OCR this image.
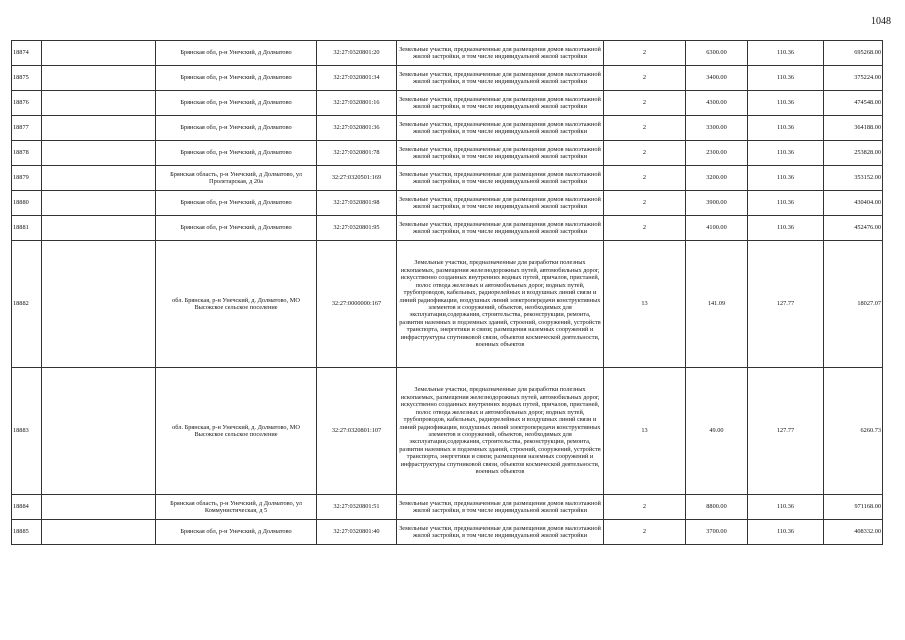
1048
18874		Брянская обл, р-н Унечский, д Долматово	32:27:0320801:20	Земельные участки, предназначенные для размещения домов малоэтажной жилой застройки, в том числе индивидуальной жилой застройки	2	6300.00	110.36	695268.00
18875		Брянская обл, р-н Унечский, д Долматово	32:27:0320801:34	Земельные участки, предназначенные для размещения домов малоэтажной жилой застройки, в том числе индивидуальной жилой застройки	2	3400.00	110.36	375224.00
18876		Брянская обл, р-н Унечский, д Долматово	32:27:0320801:16	Земельные участки, предназначенные для размещения домов малоэтажной жилой застройки, в том числе индивидуальной жилой застройки	2	4300.00	110.36	474548.00
18877		Брянская обл, р-н Унечский, д Долматово	32:27:0320801:36	Земельные участки, предназначенные для размещения домов малоэтажной жилой застройки, в том числе индивидуальной жилой застройки	2	3300.00	110.36	364188.00
18878		Брянская обл, р-н Унечский, д Долматово	32:27:0320801:78	Земельные участки, предназначенные для размещения домов малоэтажной жилой застройки, в том числе индивидуальной жилой застройки	2	2300.00	110.36	253828.00
18879		Брянская область, р-н Унечский, д Долматово, ул Пролетарская, д 20а	32:27:0320501:169	Земельные участки, предназначенные для размещения домов малоэтажной жилой застройки, в том числе индивидуальной жилой застройки	2	3200.00	110.36	353152.00
18880		Брянская обл, р-н Унечский, д Долматово	32:27:0320801:98	Земельные участки, предназначенные для размещения домов малоэтажной жилой застройки, в том числе индивидуальной жилой застройки	2	3900.00	110.36	430404.00
18881		Брянская обл, р-н Унечский, д Долматово	32:27:0320801:95	Земельные участки, предназначенные для размещения домов малоэтажной жилой застройки, в том числе индивидуальной жилой застройки	2	4100.00	110.36	452476.00
18882		обл. Брянская, р-н Унечский, д. Долматово, МО Высокское сельское поселение	32:27:0000000:167	Земельные участки, предназначенные для разработки полезных ископаемых, размещения железнодорожных путей, автомобильных дорог, искусственно созданных внутренних водных путей, причалов, пристаней, полос отвода железных и автомобильных дорог, водных путей, трубопроводов, кабельных, радиорелейных и воздушных линий связи и линий радиофикации, воздушных линий электропередачи конструктивных элементов и сооружений, объектов, необходимых для эксплуатации,содержания, строительства, реконструкции, ремонта, развития наземных и подземных зданий, строений, сооружений, устройств транспорта, энергетики и связи; размещения наземных сооружений и инфраструктуры спутниковой связи, объектов космической деятельности, военных объектов	13	141.09	127.77	18027.07
18883		обл. Брянская, р-н Унечский, д. Долматово, МО Высокское сельское поселение	32:27:0320801:107	Земельные участки, предназначенные для разработки полезных ископаемых, размещения железнодорожных путей, автомобильных дорог, искусственно созданных внутренних водных путей, причалов, пристаней, полос отвода железных и автомобильных дорог, водных путей, трубопроводов, кабельных, радиорелейных и воздушных линий связи и линий радиофикации, воздушных линий электропередачи конструктивных элементов и сооружений, объектов, необходимых для эксплуатации,содержания, строительства, реконструкции, ремонта, развития наземных и подземных зданий, строений, сооружений, устройств транспорта, энергетики и связи; размещения наземных сооружений и инфраструктуры спутниковой связи, объектов космической деятельности, военных объектов	13	49.00	127.77	6260.73
18884		Брянская область, р-н Унечский, д Долматово, ул Коммунистическая, д 5	32:27:0320801:51	Земельные участки, предназначенные для размещения домов малоэтажной жилой застройки, в том числе индивидуальной жилой застройки	2	8800.00	110.36	971168.00
18885		Брянская обл, р-н Унечский, д Долматово	32:27:0320801:40	Земельные участки, предназначенные для размещения домов малоэтажной жилой застройки, в том числе индивидуальной жилой застройки	2	3700.00	110.36	408332.00
